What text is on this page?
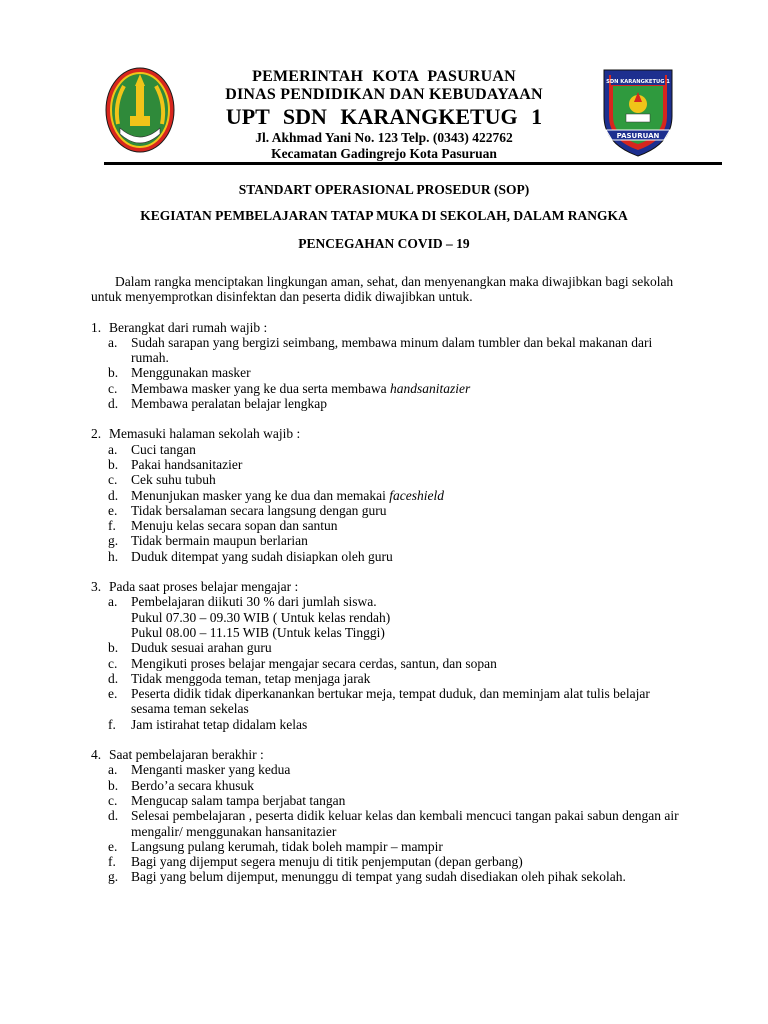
PEMERINTAH KOTA PASURUAN
DINAS PENDIDIKAN DAN KEBUDAYAAN
UPT SDN KARANGKETUG 1
Jl. Akhmad Yani No. 123 Telp. (0343) 422762
Kecamatan Gadingrejo Kota Pasuruan
SDN KARANGKETUG 1
PASURUAN
STANDART OPERASIONAL PROSEDUR (SOP)
KEGIATAN PEMBELAJARAN TATAP MUKA DI SEKOLAH, DALAM RANGKA
PENCEGAHAN COVID – 19

Dalam rangka menciptakan lingkungan aman, sehat, dan menyenangkan maka diwajibkan bagi sekolah untuk menyemprotkan disinfektan dan peserta didik diwajibkan untuk.

1. Berangkat dari rumah wajib :
a.	Sudah sarapan yang bergizi seimbang, membawa minum dalam tumbler dan bekal makanan dari rumah.
b. Menggunakan masker
c.	Membawa masker yang ke dua serta membawa handsanitazier
d. Membawa peralatan belajar lengkap
2. Memasuki halaman sekolah wajib :
a.	Cuci tangan
b. Pakai handsanitazier
c.	Cek suhu tubuh
d. Menunjukan masker yang ke dua dan memakai faceshield
e.	Tidak bersalaman secara langsung dengan guru
f.	Menuju kelas secara sopan dan santun
g. Tidak bermain maupun berlarian
h. Duduk ditempat yang sudah disiapkan oleh guru
3. Pada saat proses belajar mengajar :
a.	Pembelajaran diikuti 30 % dari jumlah siswa.
Pukul 07.30 – 09.30 WIB ( Untuk kelas rendah)
Pukul 08.00 – 11.15 WIB (Untuk kelas Tinggi)
b. Duduk sesuai arahan guru
c.	Mengikuti proses belajar mengajar secara cerdas, santun, dan sopan
d. Tidak menggoda teman, tetap menjaga jarak
e.	Peserta didik tidak diperkanankan bertukar meja, tempat duduk, dan meminjam alat tulis belajar sesama teman sekelas
f.	Jam istirahat tetap didalam kelas
4. Saat pembelajaran berakhir :
a.	Menganti masker yang kedua
b. Berdo’a secara khusuk
c.	Mengucap salam tampa berjabat tangan
d. Selesai pembelajaran , peserta didik keluar kelas dan kembali mencuci tangan pakai sabun dengan air mengalir/ menggunakan hansanitazier
e.	Langsung pulang kerumah, tidak boleh mampir – mampir
f.	Bagi yang dijemput segera menuju di titik penjemputan (depan gerbang)
g. Bagi yang belum dijemput, menunggu di tempat yang sudah disediakan oleh pihak sekolah.
